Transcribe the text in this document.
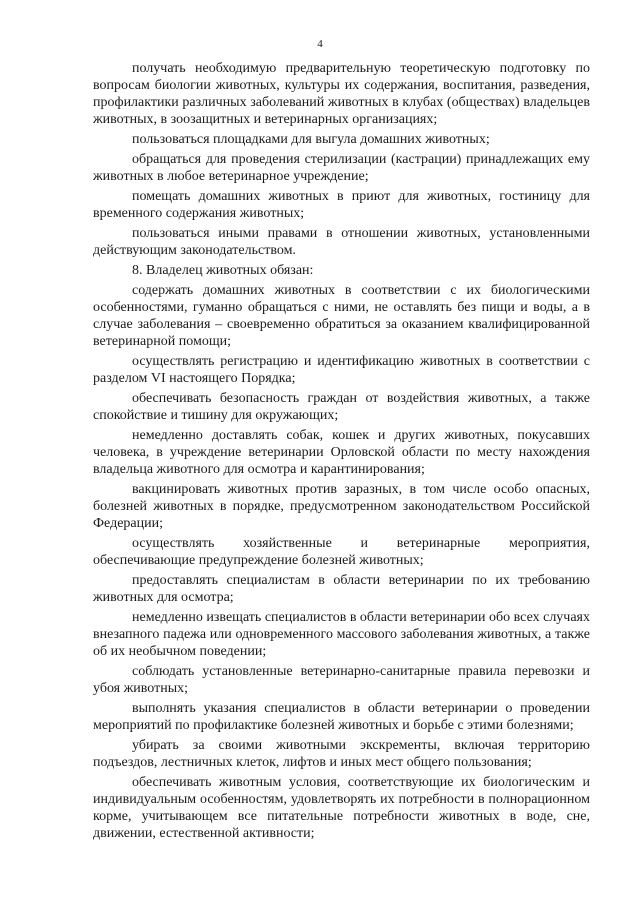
4

получать необходимую предварительную теоретическую подготовку по вопросам биологии животных, культуры их содержания, воспитания, разведения, профилактики различных заболеваний животных в клубах (обществах) владельцев животных, в зоозащитных и ветеринарных организациях;

пользоваться площадками для выгула домашних животных;

обращаться для проведения стерилизации (кастрации) принадлежащих ему животных в любое ветеринарное учреждение;

помещать домашних животных в приют для животных, гостиницу для временного содержания животных;

пользоваться иными правами в отношении животных, установленными действующим законодательством.

8. Владелец животных обязан:

содержать домашних животных в соответствии с их биологическими особенностями, гуманно обращаться с ними, не оставлять без пищи и воды, а в случае заболевания – своевременно обратиться за оказанием квалифицированной ветеринарной помощи;

осуществлять регистрацию и идентификацию животных в соответствии с разделом VI настоящего Порядка;

обеспечивать безопасность граждан от воздействия животных, а также спокойствие и тишину для окружающих;

немедленно доставлять собак, кошек и других животных, покусавших человека, в учреждение ветеринарии Орловской области по месту нахождения владельца животного для осмотра и карантинирования;

вакцинировать животных против заразных, в том числе особо опасных, болезней животных в порядке, предусмотренном законодательством Российской Федерации;

осуществлять хозяйственные и ветеринарные мероприятия, обеспечивающие предупреждение болезней животных;

предоставлять специалистам в области ветеринарии по их требованию животных для осмотра;

немедленно извещать специалистов в области ветеринарии обо всех случаях внезапного падежа или одновременного массового заболевания животных, а также об их необычном поведении;

соблюдать установленные ветеринарно-санитарные правила перевозки и убоя животных;

выполнять указания специалистов в области ветеринарии о проведении мероприятий по профилактике болезней животных и борьбе с этими болезнями;

убирать за своими животными экскременты, включая территорию подъездов, лестничных клеток, лифтов и иных мест общего пользования;

обеспечивать животным условия, соответствующие их биологическим и индивидуальным особенностям, удовлетворять их потребности в полнорационном корме, учитывающем все питательные потребности животных в воде, сне, движении, естественной активности;
